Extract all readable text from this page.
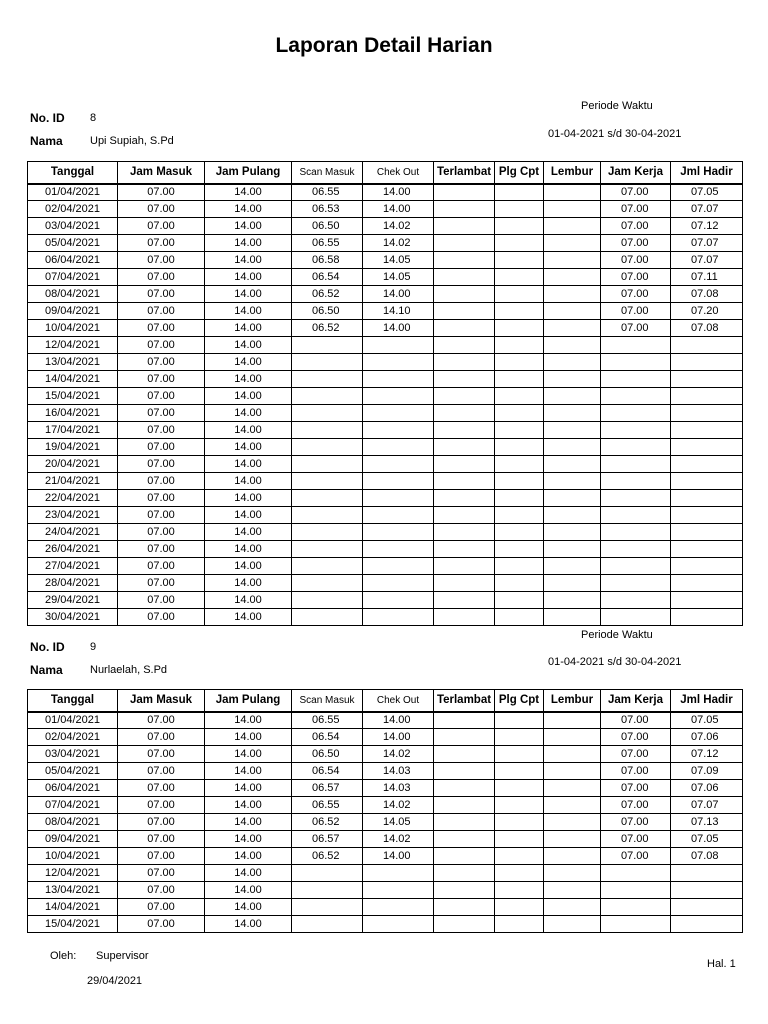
Laporan Detail Harian
No. ID 8
Nama Upi Supiah, S.Pd
Periode Waktu
01-04-2021 s/d 30-04-2021
Tanggal	Jam Masuk	Jam Pulang	Scan Masuk	Chek Out	Terlambat	Plg Cpt	Lembur	Jam Kerja	Jml Hadir
01/04/2021	07.00	14.00	06.55	14.00				07.00	07.05
02/04/2021	07.00	14.00	06.53	14.00				07.00	07.07
03/04/2021	07.00	14.00	06.50	14.02				07.00	07.12
05/04/2021	07.00	14.00	06.55	14.02				07.00	07.07
06/04/2021	07.00	14.00	06.58	14.05				07.00	07.07
07/04/2021	07.00	14.00	06.54	14.05				07.00	07.11
08/04/2021	07.00	14.00	06.52	14.00				07.00	07.08
09/04/2021	07.00	14.00	06.50	14.10				07.00	07.20
10/04/2021	07.00	14.00	06.52	14.00				07.00	07.08
12/04/2021	07.00	14.00							
13/04/2021	07.00	14.00							
14/04/2021	07.00	14.00							
15/04/2021	07.00	14.00							
16/04/2021	07.00	14.00							
17/04/2021	07.00	14.00							
19/04/2021	07.00	14.00							
20/04/2021	07.00	14.00							
21/04/2021	07.00	14.00							
22/04/2021	07.00	14.00							
23/04/2021	07.00	14.00							
24/04/2021	07.00	14.00							
26/04/2021	07.00	14.00							
27/04/2021	07.00	14.00							
28/04/2021	07.00	14.00							
29/04/2021	07.00	14.00							
30/04/2021	07.00	14.00							
No. ID 9
Nama Nurlaelah, S.Pd
Periode Waktu
01-04-2021 s/d 30-04-2021
Tanggal	Jam Masuk	Jam Pulang	Scan Masuk	Chek Out	Terlambat	Plg Cpt	Lembur	Jam Kerja	Jml Hadir
01/04/2021	07.00	14.00	06.55	14.00				07.00	07.05
02/04/2021	07.00	14.00	06.54	14.00				07.00	07.06
03/04/2021	07.00	14.00	06.50	14.02				07.00	07.12
05/04/2021	07.00	14.00	06.54	14.03				07.00	07.09
06/04/2021	07.00	14.00	06.57	14.03				07.00	07.06
07/04/2021	07.00	14.00	06.55	14.02				07.00	07.07
08/04/2021	07.00	14.00	06.52	14.05				07.00	07.13
09/04/2021	07.00	14.00	06.57	14.02				07.00	07.05
10/04/2021	07.00	14.00	06.52	14.00				07.00	07.08
12/04/2021	07.00	14.00							
13/04/2021	07.00	14.00							
14/04/2021	07.00	14.00							
15/04/2021	07.00	14.00							
Oleh: Supervisor
29/04/2021
Hal. 1
